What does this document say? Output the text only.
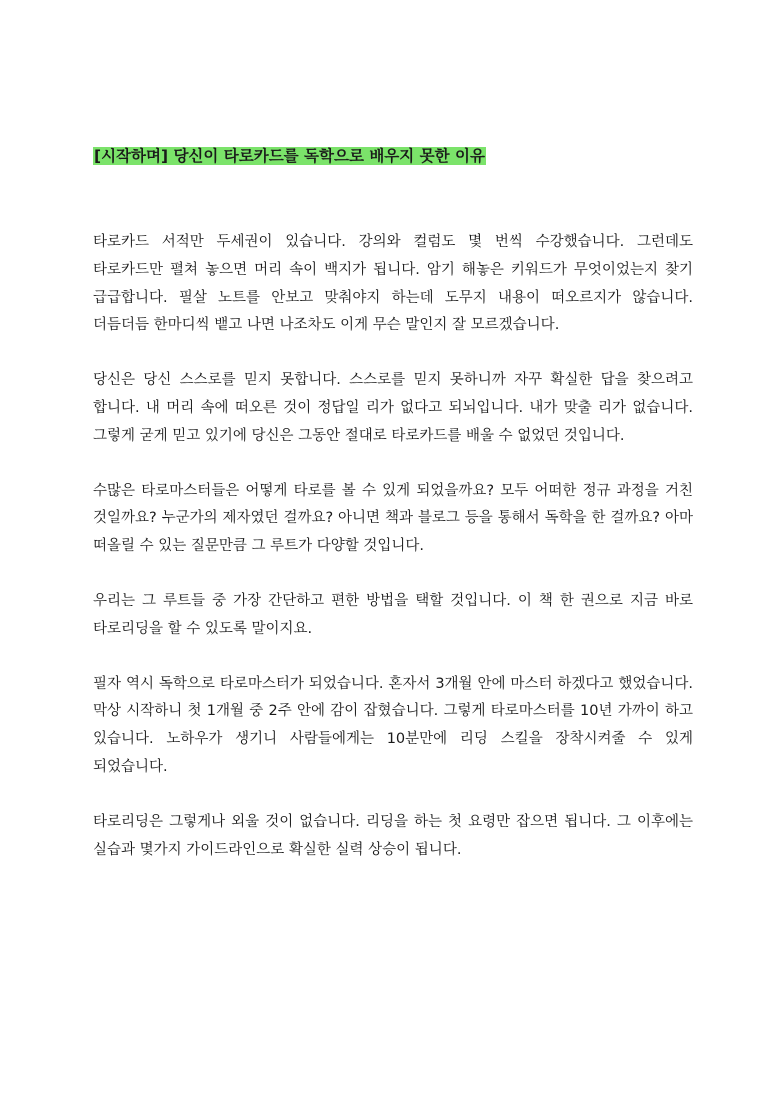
[시작하며] 당신이 타로카드를 독학으로 배우지 못한 이유

타로카드 서적만 두세권이 있습니다. 강의와 컬럼도 몇 번씩 수강했습니다. 그런데도 타로카드만 펼쳐 놓으면 머리 속이 백지가 됩니다. 암기 해놓은 키워드가 무엇이었는지 찾기 급급합니다. 필살 노트를 안보고 맞춰야지 하는데 도무지 내용이 떠오르지가 않습니다. 더듬더듬 한마디씩 뱉고 나면 나조차도 이게 무슨 말인지 잘 모르겠습니다.

당신은 당신 스스로를 믿지 못합니다. 스스로를 믿지 못하니까 자꾸 확실한 답을 찾으려고 합니다. 내 머리 속에 떠오른 것이 정답일 리가 없다고 되뇌입니다. 내가 맞출 리가 없습니다. 그렇게 굳게 믿고 있기에 당신은 그동안 절대로 타로카드를 배울 수 없었던 것입니다.

수많은 타로마스터들은 어떻게 타로를 볼 수 있게 되었을까요? 모두 어떠한 정규 과정을 거친 것일까요? 누군가의 제자였던 걸까요? 아니면 책과 블로그 등을 통해서 독학을 한 걸까요? 아마 떠올릴 수 있는 질문만큼 그 루트가 다양할 것입니다.

우리는 그 루트들 중 가장 간단하고 편한 방법을 택할 것입니다. 이 책 한 권으로 지금 바로 타로리딩을 할 수 있도록 말이지요.

필자 역시 독학으로 타로마스터가 되었습니다. 혼자서 3개월 안에 마스터 하겠다고 했었습니다. 막상 시작하니 첫 1개월 중 2주 안에 감이 잡혔습니다. 그렇게 타로마스터를 10년 가까이 하고 있습니다. 노하우가 생기니 사람들에게는 10분만에 리딩 스킬을 장착시켜줄 수 있게 되었습니다.

타로리딩은 그렇게나 외울 것이 없습니다. 리딩을 하는 첫 요령만 잡으면 됩니다. 그 이후에는 실습과 몇가지 가이드라인으로 확실한 실력 상승이 됩니다.
